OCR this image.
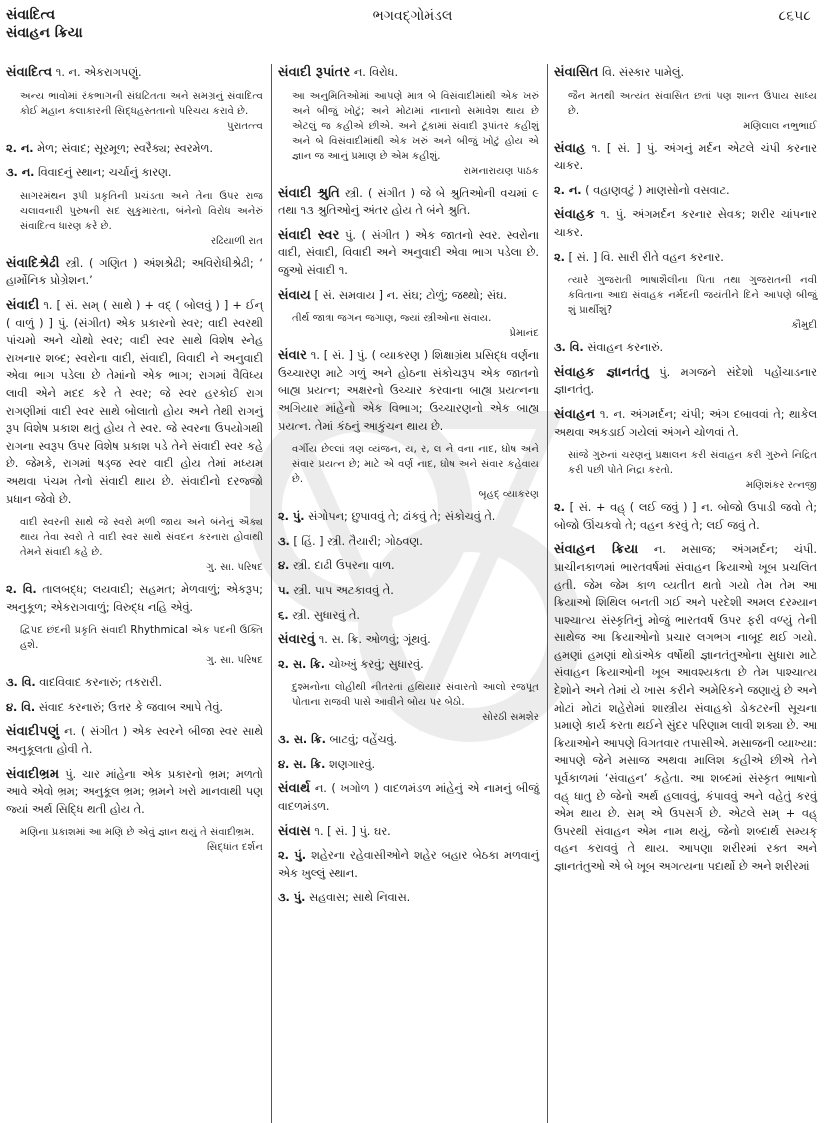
સંવાદિત્વ
સંવાહન ક્રિયા
ભગવદ્ગોમંડલ	૮૬૫૮
સંવાદિત્વ ૧. ન. એકરાગપણું.
અન્ય ભાવોમાં રંકભાગની સંઘટિતતા અને સમગ્રનું સંવાદિત્વ કોઈ મહાન કલાકારની સિદ્ધહસ્તતાનો પરિચય કરાવે છે.
પુરાતત્ત્વ
૨. ન. મેળ; સંવાદ; સૂરમૂળ; સ્વરૈક્ય; સ્વરમેળ.
૩. ન. વિવાદનું સ્થાન; ચર્ચાનું કારણ.
સાગરમંથન રૂપી પ્રકૃતિની પ્રચંડતા અને તેના ઉપર રાજ ચલાવનારી પુરુષની સદ સુકુમારતા, બંનેનો વિરોધ અનેરું સંવાદિત્વ ધારણ કરે છે.
રઢિયાળી રાત
સંવાદિશ્રેઢી સ્ત્રી. ( ગણિત ) અંશશ્રેઢી; અવિરોધીશ્રેઢી; ‘ હાર્મોનિક પ્રોગ્રેશન.’
સંવાદી ૧. [ સં. સમ્ ( સાથે ) + વદ્ ( બોલવું ) ] + ઈન્ ( વાળું ) ] પું. (સંગીત) એક પ્રકારનો સ્વર; વાદી સ્વરથી પાંચમો અને ચોથો સ્વર; વાદી સ્વર સાથે વિશેષ સ્નેહ રાખનાર શબ્દ; સ્વરોના વાદી, સંવાદી, વિવાદી ને અનુવાદી એવા ભાગ પડેલા છે તેમાંનો એક ભાગ; રાગમાં વૈવિધ્ય લાવી એને મદદ કરે તે સ્વર; જે સ્વર હરકોઈ રાગ રાગણીમાં વાદી સ્વર સાથે બોલાતો હોય અને તેથી રાગનું રૂપ વિશેષ પ્રકાશ થતું હોય તે સ્વર. જે સ્વરના ઉપયોગથી રાગના સ્વરૂપ ઉપર વિશેષ પ્રકાશ પડે તેને સંવાદી સ્વર કહે છે. જેમકે, રાગમાં ષડ્જ સ્વર વાદી હોય તેમાં મધ્યમ અથવા પંચમ તેનો સંવાદી થાય છે. સંવાદીનો દરજ્જો પ્રધાન જેવો છે.
વાદી સ્વરની સાથે જે સ્વરો મળી જાય અને બંનેનું ઐક્ય થાય તેવા સ્વરો તે વાદી સ્વર સાથે સંવદન કરનારા હોવાથી તેમને સંવાદી કહે છે.
ગુ. સા. પરિષદ
૨. વિ. તાલબદ્ધ; લયવાદી; સહમત; મેળવાળું; એકરૂપ; અનુકૂળ; એકરાગવાળું; વિરુદ્ધ નહિ એવું.
દ્વિપદ છંદની પ્રકૃતિ સંવાદી Rhythmical એક પદની ઉક્તિ હશે.
ગુ. સા. પરિષદ
૩. વિ. વાદવિવાદ કરનારું; તકરારી.
૪. વિ. સંવાદ કરનારું; ઉત્તર કે જવાબ આપે તેવું.
સંવાદીપણું ન. ( સંગીત ) એક સ્વરને બીજા સ્વર સાથે અનુકૂલતા હોવી તે.
સંવાદીભ્રમ પું. ચાર માંહેના એક પ્રકારનો ભ્રમ; મળતો આવે એવો ભ્રમ; અનુકૂલ ભ્રમ; ભ્રમને ખરો માનવાથી પણ જ્યાં અર્થ સિદ્ધિ થતી હોય તે.
મણિના પ્રકાશમાં આ મણિ છે એવું જ્ઞાન થયું તે સંવાદીભ્રમ.
સિદ્ધાંત દર્શન
સંવાદી રૂપાંતર ન. વિરોધ.
આ અનુમિતિઓમાં આપણે માત્ર બે વિસંવાદીમાંથી એક ખરું અને બીજું ખોટું; અને મોટામાં નાનાનો સમાવેશ થાય છે એટલું જ કહીએ છીએ. અને ટૂંકામાં સંવાદી રૂપાંતર કહીશું અને બે વિસંવાદીમાંથી એક ખરું અને બીજું ખોટું હોય એ જ્ઞાન જ આનું પ્રમાણ છે એમ કહીશું.
રામનારાયણ પાઠક
સંવાદી શ્રુતિ સ્ત્રી. ( સંગીત ) જે બે શ્રુતિઓની વચમાં ૯ તથા ૧૩ શ્રુતિઓનું અંતર હોય તે બંને શ્રુતિ.
સંવાદી સ્વર પું. ( સંગીત ) એક જાતનો સ્વર. સ્વરોના વાદી, સંવાદી, વિવાદી અને અનુવાદી એવા ભાગ પડેલા છે. જુઓ સંવાદી ૧.
સંવાય [ સં. સમવાય ] ન. સંઘ; ટોળું; જથ્થો; સંઘ.
તીર્થ જાત્રા જગન જગાણ, જ્યાં સ્ત્રીઓના સંવાય.
પ્રેમાનંદ
સંવાર ૧. [ સં. ] પું. ( વ્યાકરણ ) શિક્ષાગ્રંથ પ્રસિદ્ધ વર્ણના ઉચ્ચારણ માટે ગળું અને હોઠના સંકોચરૂપ એક જાતનો બાહ્ય પ્રયત્ન; અક્ષરનો ઉચ્ચાર કરવાના બાહ્ય પ્રયત્નના અગિયાર માંહેનો એક વિભાગ; ઉચ્ચારણનો એક બાહ્ય પ્રયત્ન. તેમાં કંઠનું આકુંચન થાય છે.
વર્ગીય છેલ્લાં ત્રણ વ્યંજન, ય, ર, લ ને વના નાદ, ઘોષ અને સંવાર પ્રયત્ન છે; માટે એ વર્ણ નાદ, ઘોષ અને સંવાર કહેવાય છે.
બૃહદ્ વ્યાકરણ
૨. પું. સંગોપન; છુપાવવું તે; ઢાંકવું તે; સંકોચવું તે.
૩. [ હિં. ] સ્ત્રી. તૈયારી; ગોઠવણ.
૪. સ્ત્રી. દાઢી ઉપરના વાળ.
૫. સ્ત્રી. પાપ અટકાવવું તે.
૬. સ્ત્રી. સુધારવું તે.
સંવારવું ૧. સ. ક્રિ. ઓળવું; ગૂંથવું.
૨. સ. ક્રિ. ચોખ્ખું કરવું; સુધારવું.
દુશ્મનોના લોહીથી નીતરતાં હથિયાર સંવારતો આલો રજપૂત પોતાના રાજવી પાસે આવીને બોય પર બેઠો.
સોરઠી સમશેર
૩. સ. ક્રિ. બાટવું; વહેંચવું.
૪. સ. ક્રિ. શણગારવું.
સંવાર્થ ન. ( ખગોળ ) વાદળમંડળ માંહેનું એ નામનું બીજું વાદળમંડળ.
સંવાસ ૧. [ સં. ] પું. ઘર.
૨. પું. શહેરના રહેવાસીઓને શહેર બહાર બેઠકા મળવાનું એક ખુલ્લું સ્થાન.
૩. પું. સહવાસ; સાથે નિવાસ.
સંવાસિત વિ. સંસ્કાર પામેલું.
જૈન મતથી અત્યંત સંવાસિત છતાં પણ શાન્ત ઉપાય સાધ્ય છે.
મણિલાલ નભુભાઈ
સંવાહ ૧. [ સં. ] પું. અંગનું મર્દન એટલે ચંપી કરનાર ચાકર.
૨. ન. ( વહાણવટું ) માણસોનો વસવાટ.
સંવાહક ૧. પું. અંગમર્દન કરનાર સેવક; શરીર ચાંપનાર ચાકર.
૨. [ સં. ] વિ. સારી રીતે વહન કરનાર.
ત્યારે ગુજરાતી ભાષાશૈલીના પિતા તથા ગુજરાતની નવી કવિતાના આદ્ય સંવાહક નર્મદની જયંતીને દિને આપણે બીજું શું પ્રાર્થીશું?
કૌમુદી
૩. વિ. સંવાહન કરનારું.
સંવાહક જ્ઞાનતંતુ પું. મગજને સંદેશો પહોંચાડનાર જ્ઞાનતંતુ.
સંવાહન ૧. ન. અંગમર્દન; ચંપી; અંગ દબાવવાં તે; થાકેલ અથવા અકડાઈ ગયેલાં અંગને ચોળવાં તે.
સાંજે ગુરુનાં ચરણનું પ્રક્ષાલન કરી સંવાહન કરી ગુરુને નિદ્રિત કરી પછી પોતે નિદ્રા કરતો.
મણિશંકર રત્નજી
૨. [ સં. + વહ્ ( લઈ જવું ) ] ન. બોજો ઉપાડી જવો તે; બોજો ઊંચકવો તે; વહન કરવું તે; લઈ જવું તે.
સંવાહન ક્રિયા ન. મસાજ; અંગમર્દન; ચંપી. પ્રાચીનકાળમાં ભારતવર્ષમાં સંવાહન ક્રિયાઓ ખૂબ પ્રચલિત હતી. જેમ જેમ કાળ વ્યતીત થતો ગયો તેમ તેમ આ ક્રિયાઓ શિથિલ બનતી ગઈ અને પરદેશી અમલ દરમ્યાન પાશ્ચાત્ય સંસ્કૃતિનું મોજું ભારતવર્ષ ઉપર ફરી વળ્યું તેની સાથેજ આ ક્રિયાઓનો પ્રચાર લગભગ નાબૂદ થઈ ગયો. હમણાં હમણાં થોડાંએક વર્ષોથી જ્ઞાનતંતુઓના સુધારા માટે સંવાહન ક્રિયાઓની ખૂબ આવશ્યકતા છે તેમ પાશ્ચાત્ય દેશોને અને તેમાં યે ખાસ કરીને અમેરિકને જણાયું છે અને મોટાં મોટાં શહેરોમાં શાસ્ત્રીય સંવાહકો ડોકટરની સૂચના પ્રમાણે કાર્ય કરતા થઈને સુંદર પરિણામ લાવી શક્યા છે. આ ક્રિયાઓને આપણે વિગતવાર તપાસીએ. મસાજની વ્યાખ્યા: આપણે જેને મસાજ અથવા માલિશ કહીએ છીએ તેને પૂર્વકાળમાં ‘સંવાહન’ કહેતા. આ શબ્દમાં સંસ્કૃત ભાષાનો વહ્ ધાતુ છે જેનો અર્થ હલાવવું, કંપાવવું અને વહેતું કરવું એમ થાય છે. સમ્ એ ઉપસર્ગ છે. એટલે સમ્ + વહ્ ઉપરથી સંવાહન એમ નામ થયું, જેનો શબ્દાર્થ સમ્યક્ વહન કરાવવું તે થાય. આપણા શરીરમાં રક્ત અને જ્ઞાનતંતુઓ એ બે ખૂબ અગત્યના પદાર્થો છે અને શરીરમાં
